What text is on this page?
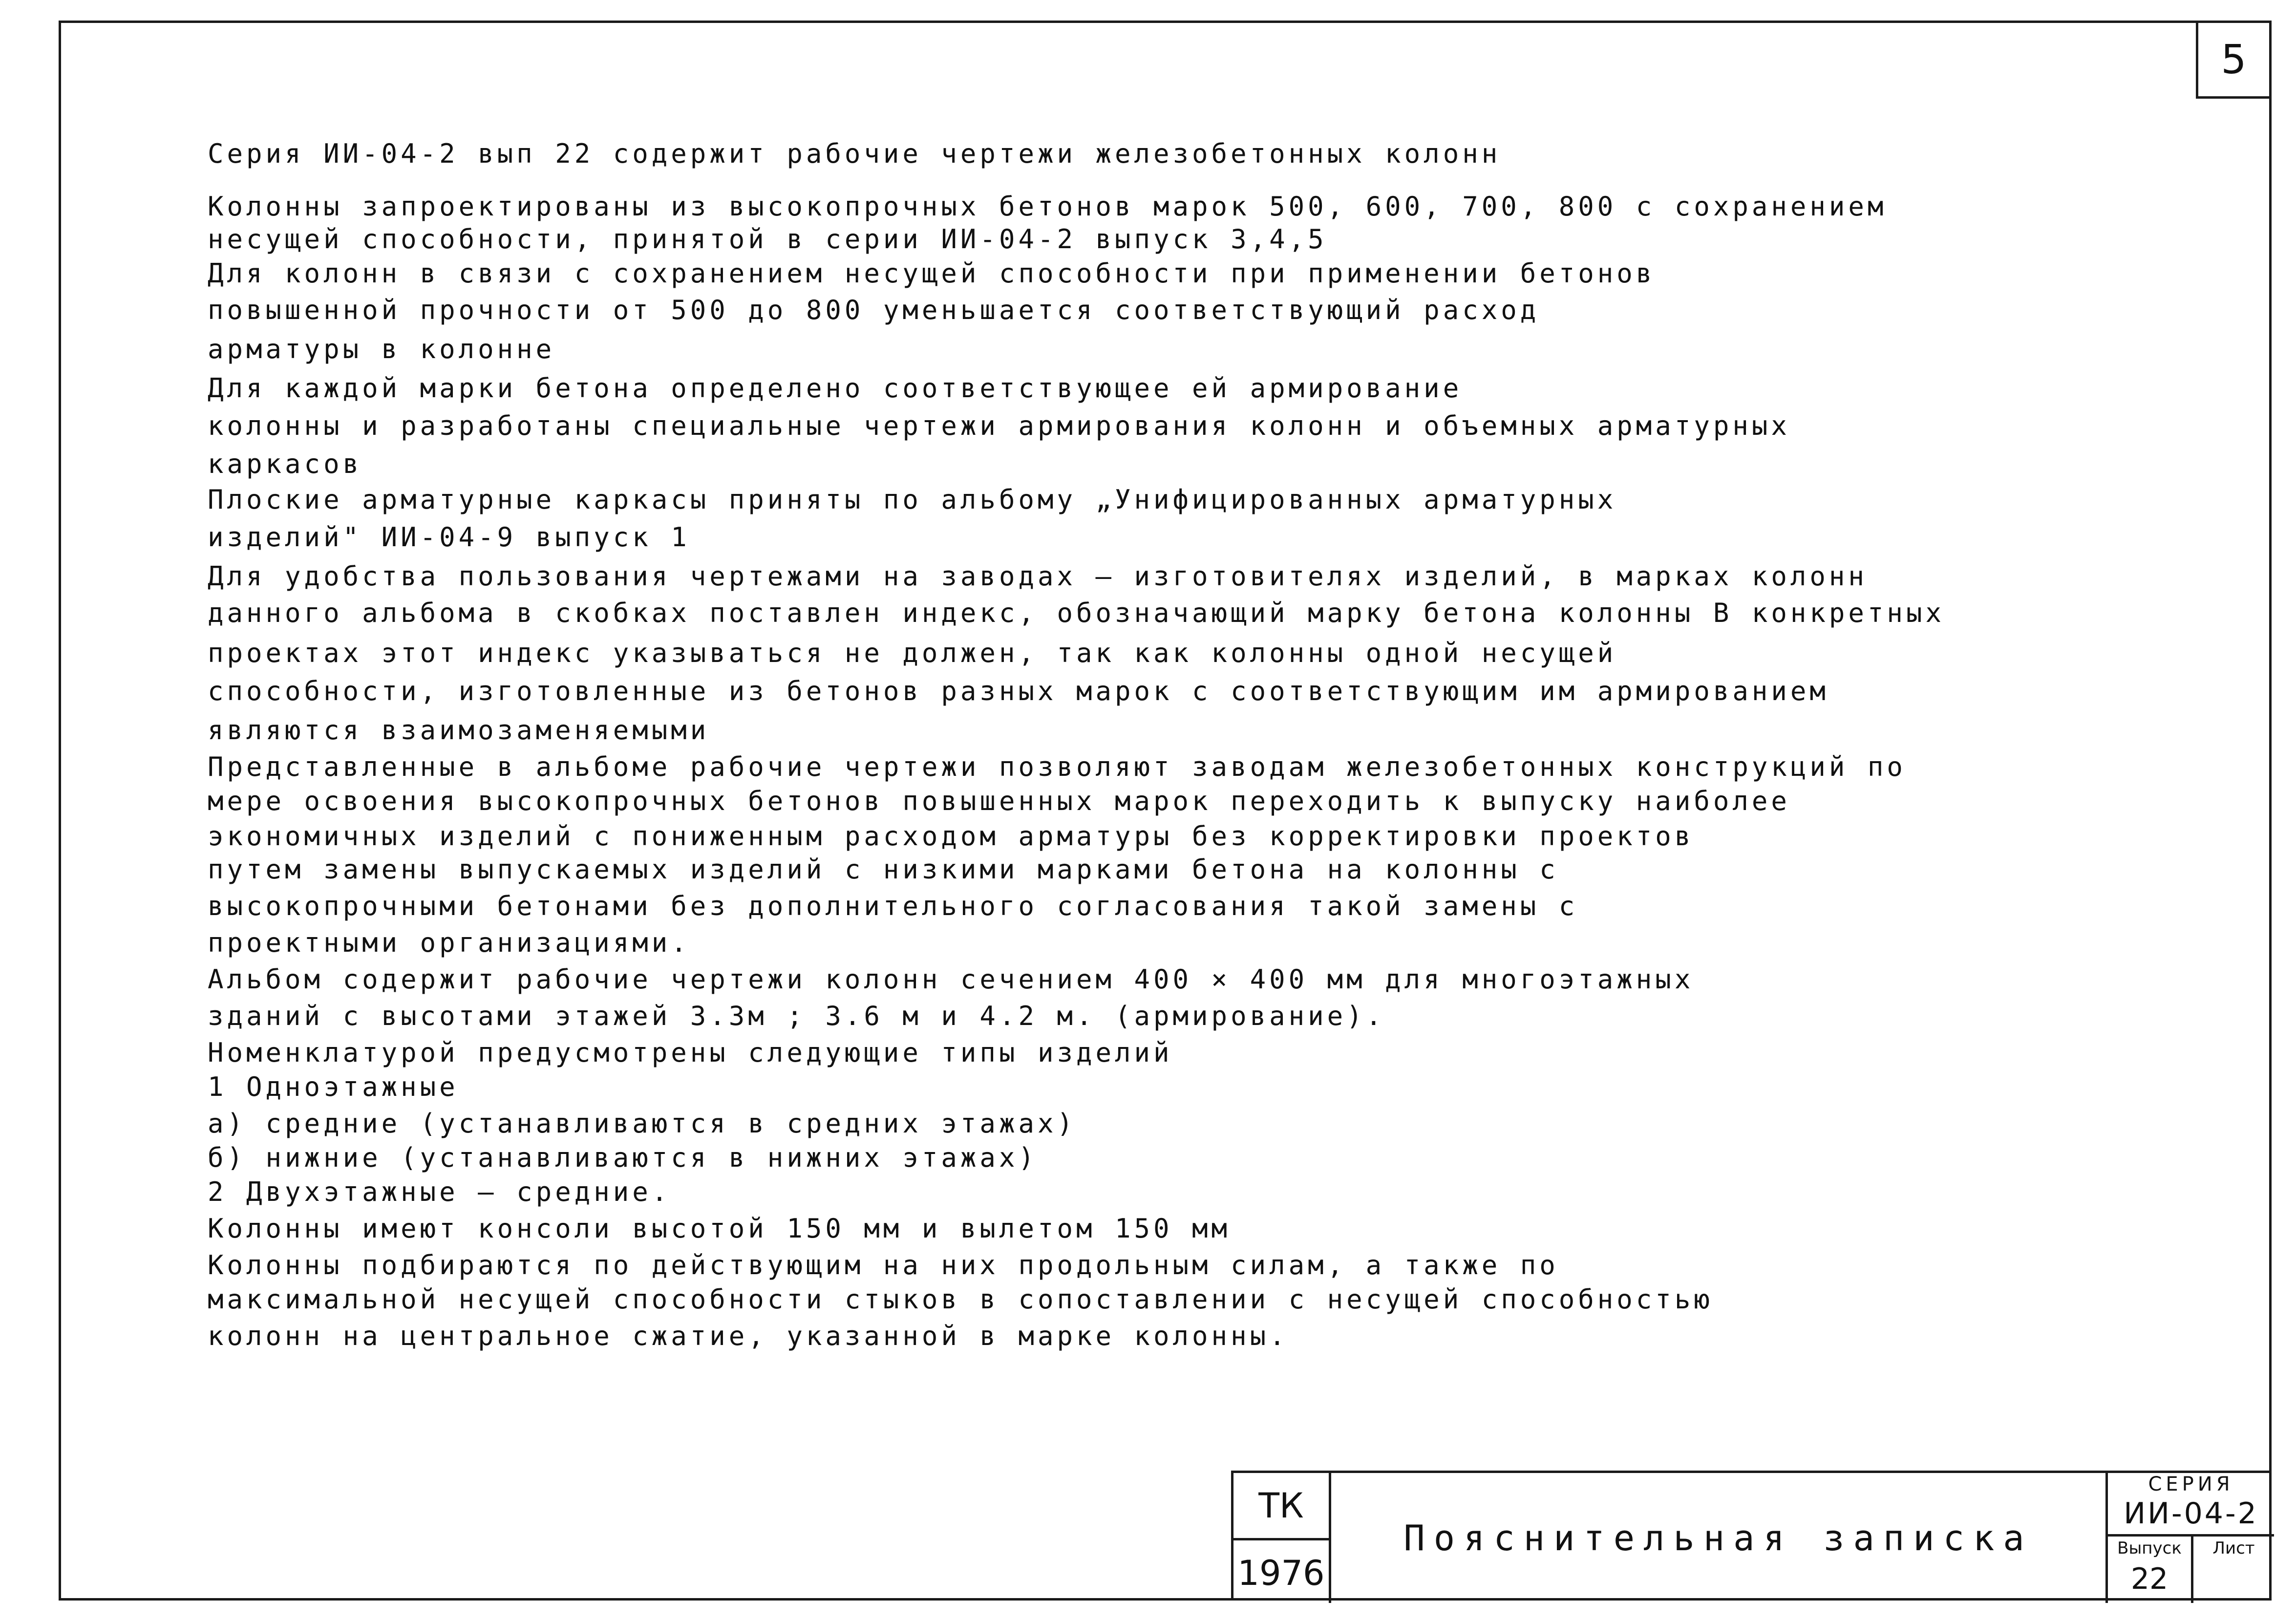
5
Серия ИИ-04-2 вып 22 содержит рабочие чертежи железобетонных колонн
Колонны запроектированы из высокопрочных бетонов марок 500, 600, 700, 800 с сохранением
несущей способности, принятой в серии ИИ-04-2 выпуск 3,4,5
Для колонн в связи с сохранением несущей способности при применении бетонов
повышенной прочности от 500 до 800 уменьшается соответствующий расход
арматуры в колонне
Для каждой марки бетона определено соответствующее ей армирование
колонны и разработаны специальные чертежи армирования колонн и объемных арматурных
каркасов
Плоские арматурные каркасы приняты по альбому „Унифицированных арматурных
изделий" ИИ-04-9 выпуск 1
Для удобства пользования чертежами на заводах – изготовителях изделий, в марках колонн
данного альбома в скобках поставлен индекс, обозначающий марку бетона колонны В конкретных
проектах этот индекс указываться не должен, так как колонны одной несущей
способности, изготовленные из бетонов разных марок с соответствующим им армированием
являются взаимозаменяемыми
Представленные в альбоме рабочие чертежи позволяют заводам железобетонных конструкций по
мере освоения высокопрочных бетонов повышенных марок переходить к выпуску наиболее
экономичных изделий с пониженным расходом арматуры без корректировки проектов
путем замены выпускаемых изделий с низкими марками бетона на колонны с
высокопрочными бетонами без дополнительного согласования такой замены с
проектными организациями.
Альбом содержит рабочие чертежи колонн сечением 400 × 400 мм для многоэтажных
зданий с высотами этажей 3.3м ; 3.6 м и 4.2 м. (армирование).
Номенклатурой предусмотрены следующие типы изделий
1 Одноэтажные
а) средние (устанавливаются в средних этажах)
б) нижние (устанавливаются в нижних этажах)
2 Двухэтажные – средние.
Колонны имеют консоли высотой 150 мм и вылетом 150 мм
Колонны подбираются по действующим на них продольным силам, а также по
максимальной несущей способности стыков в сопоставлении с несущей способностью
колонн на центральное сжатие, указанной в марке колонны.
ТК
1976
Пояснительная записка
СЕРИЯ
ИИ-04-2
Выпуск
22
Лист
